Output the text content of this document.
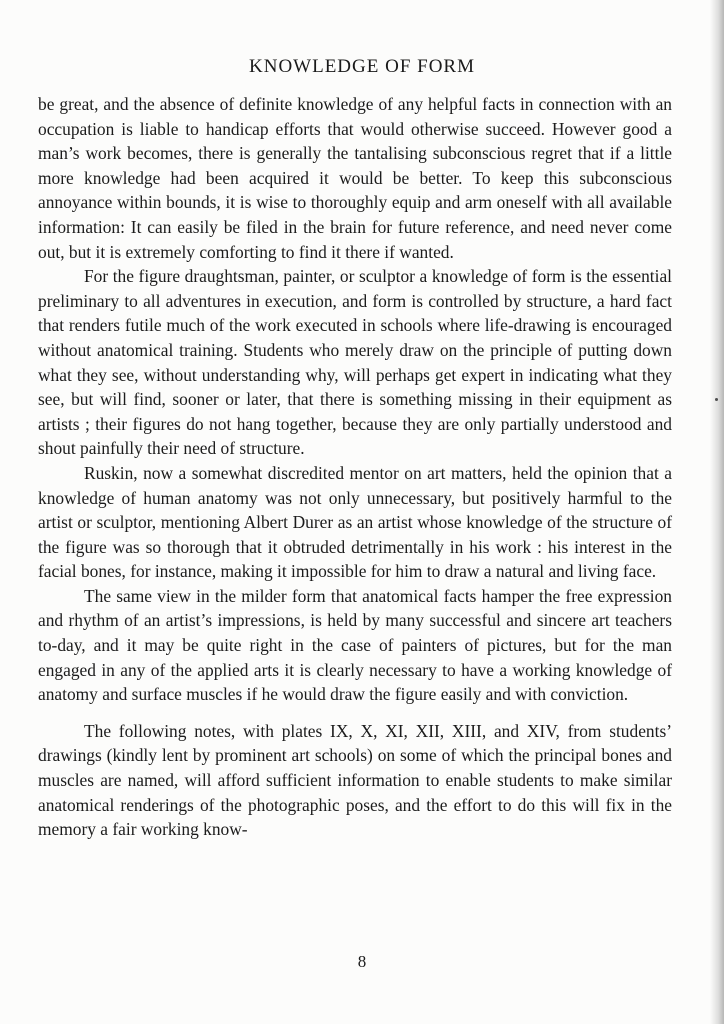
KNOWLEDGE OF FORM

be great, and the absence of definite knowledge of any helpful facts in connection with an occupation is liable to handicap efforts that would otherwise succeed. However good a man’s work becomes, there is generally the tantalising subconscious regret that if a little more knowledge had been acquired it would be better. To keep this subconscious annoyance within bounds, it is wise to thoroughly equip and arm oneself with all available information: It can easily be filed in the brain for future reference, and need never come out, but it is extremely comforting to find it there if wanted.

For the figure draughtsman, painter, or sculptor a knowledge of form is the essential preliminary to all adventures in execution, and form is controlled by structure, a hard fact that renders futile much of the work executed in schools where life-drawing is encouraged without anatomical training. Students who merely draw on the principle of putting down what they see, without understanding why, will perhaps get expert in indicating what they see, but will find, sooner or later, that there is something missing in their equipment as artists ; their figures do not hang together, because they are only partially understood and shout painfully their need of structure.

Ruskin, now a somewhat discredited mentor on art matters, held the opinion that a knowledge of human anatomy was not only unnecessary, but positively harmful to the artist or sculptor, mentioning Albert Durer as an artist whose knowledge of the structure of the figure was so thorough that it obtruded detrimentally in his work : his interest in the facial bones, for instance, making it impossible for him to draw a natural and living face.

The same view in the milder form that anatomical facts hamper the free expression and rhythm of an artist’s impressions, is held by many successful and sincere art teachers to-day, and it may be quite right in the case of painters of pictures, but for the man engaged in any of the applied arts it is clearly necessary to have a working knowledge of anatomy and surface muscles if he would draw the figure easily and with conviction.

The following notes, with plates IX, X, XI, XII, XIII, and XIV, from students’ drawings (kindly lent by prominent art schools) on some of which the principal bones and muscles are named, will afford sufficient information to enable students to make similar anatomical renderings of the photographic poses, and the effort to do this will fix in the memory a fair working know-

8
